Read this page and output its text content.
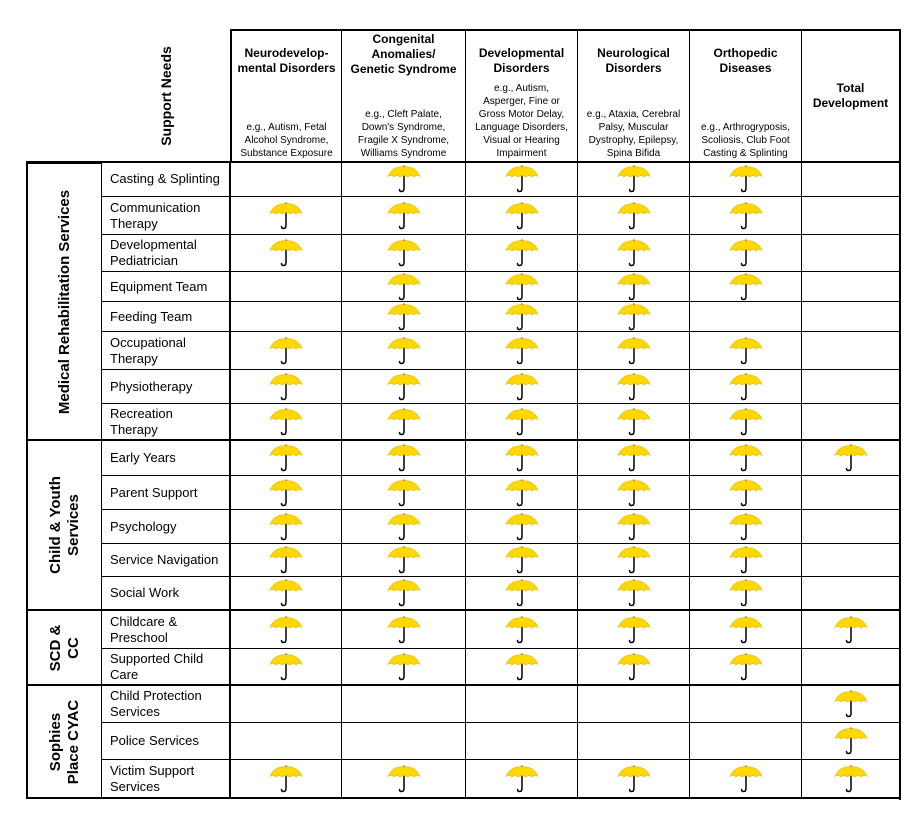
Support Needs	Neurodevelop-
mental Disorders
e.g., Autism, Fetal
Alcohol Syndrome,
Substance Exposure
Congenital
Anomalies/
Genetic Syndrome
e.g., Cleft Palate,
Down's Syndrome,
Fragile X Syndrome,
Williams Syndrome
Developmental
Disorders
e.g., Autism,
Asperger, Fine or
Gross Motor Delay,
Language Disorders,
Visual or Hearing
Impairment
Neurological
Disorders
e.g., Ataxia, Cerebral
Palsy, Muscular
Dystrophy, Epilepsy,
Spina Bifida
Orthopedic
Diseases
e.g., Arthrogryposis,
Scoliosis, Club Foot
Casting & Splinting
Total
Development
Medical Rehabilitation Services
Casting & Splinting
Communication
Therapy
Developmental
Pediatrician
Equipment Team
Feeding Team
Occupational
Therapy
Physiotherapy
Recreation
Therapy
Child & Youth
Services
Early Years
Parent Support
Psychology
Service Navigation
Social Work
SCD &
CC
Childcare &
Preschool
Supported Child
Care
Sophies
Place CYAC
Child Protection
Services
Police Services
Victim Support
Services
